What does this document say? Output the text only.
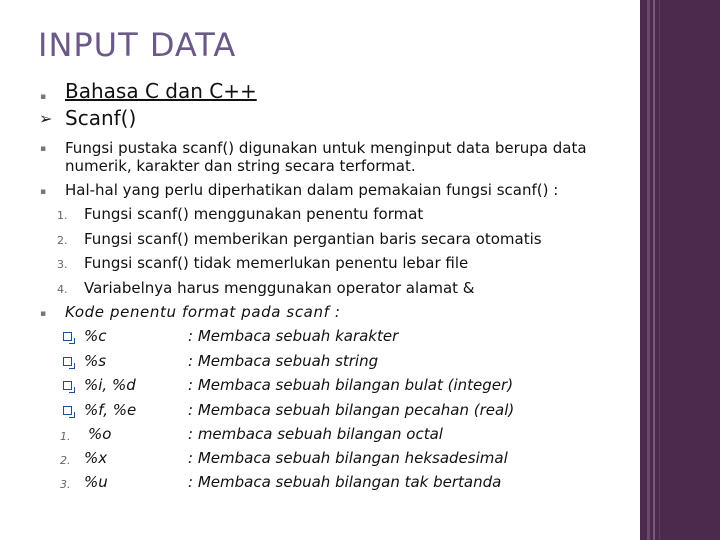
INPUT DATA
▪ Bahasa C dan C++
➢ Scanf()
▪ Fungsi pustaka scanf() digunakan untuk menginput data berupa data
numerik, karakter dan string secara terformat.
▪ Hal-hal yang perlu diperhatikan dalam pemakaian fungsi scanf() :
1. Fungsi scanf() menggunakan penentu format
2. Fungsi scanf() memberikan pergantian baris secara otomatis
3. Fungsi scanf() tidak memerlukan penentu lebar file
4. Variabelnya harus menggunakan operator alamat &
▪ Kode penentu format pada scanf :
%c	: Membaca sebuah karakter
%s	: Membaca sebuah string
%i, %d	: Membaca sebuah bilangan bulat (integer)
%f, %e	: Membaca sebuah bilangan pecahan (real)
1. %o	: membaca sebuah bilangan octal
2. %x	: Membaca sebuah bilangan heksadesimal
3. %u	: Membaca sebuah bilangan tak bertanda
